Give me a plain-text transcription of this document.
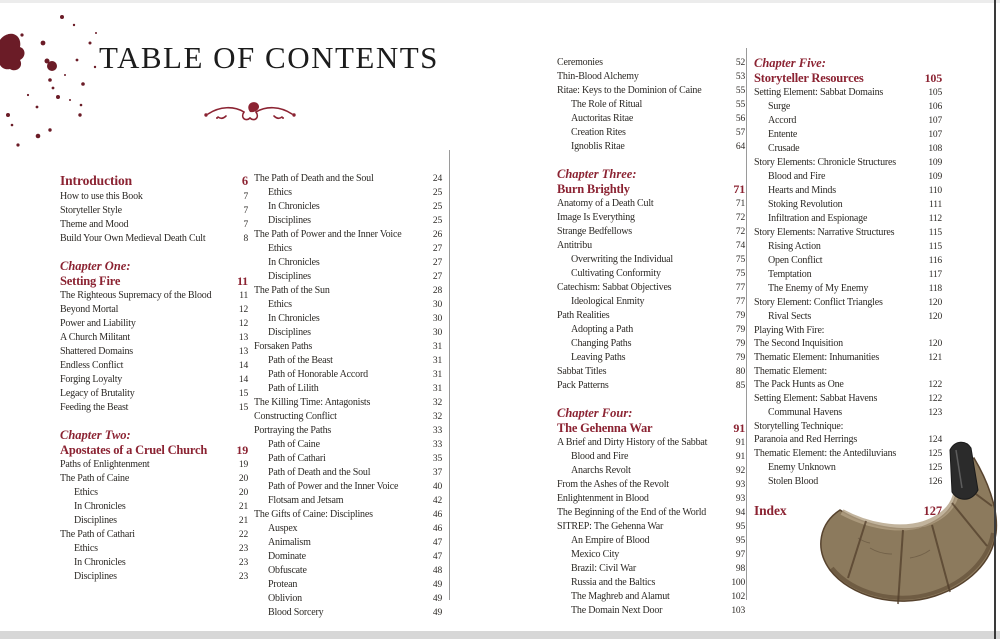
TABLE OF CONTENTS
Introduction	6
How to use this Book	7
Storyteller Style	7
Theme and Mood	7
Build Your Own Medieval Death Cult	8
Chapter One:
Setting Fire	11
The Righteous Supremacy of the Blood	11
Beyond Mortal	12
Power and Liability	12
A Church Militant	13
Shattered Domains	13
Endless Conflict	14
Forging Loyalty	14
Legacy of Brutality	15
Feeding the Beast	15
Chapter Two:
Apostates of a Cruel Church 19
Paths of Enlightenment	19
The Path of Caine	20
Ethics	20
In Chronicles	21
Disciplines	21
The Path of Cathari	22
Ethics	23
In Chronicles	23
Disciplines	23
The Path of Death and the Soul	24
Ethics	25
In Chronicles	25
Disciplines	25
The Path of Power and the Inner Voice	26
Ethics	27
In Chronicles	27
Disciplines	27
The Path of the Sun	28
Ethics	30
In Chronicles	30
Disciplines	30
Forsaken Paths	31
Path of the Beast	31
Path of Honorable Accord	31
Path of Lilith	31
The Killing Time: Antagonists	32
Constructing Conflict	32
Portraying the Paths	33
Path of Caine	33
Path of Cathari	35
Path of Death and the Soul	37
Path of Power and the Inner Voice	40
Flotsam and Jetsam	42
The Gifts of Caine: Disciplines	46
Auspex	46
Animalism	47
Dominate	47
Obfuscate	48
Protean	49
Oblivion	49
Blood Sorcery	49
Ceremonies	52
Thin-Blood Alchemy	53
Ritae: Keys to the Dominion of Caine	55
The Role of Ritual	55
Auctoritas Ritae	56
Creation Rites	57
Ignoblis Ritae	64
Chapter Three:
Burn Brightly	71
Anatomy of a Death Cult	71
Image Is Everything	72
Strange Bedfellows	72
Antitribu	74
Overwriting the Individual	75
Cultivating Conformity	75
Catechism: Sabbat Objectives	77
Ideological Enmity	77
Path Realities	79
Adopting a Path	79
Changing Paths	79
Leaving Paths	79
Sabbat Titles	80
Pack Patterns	85
Chapter Four:
The Gehenna War	91
A Brief and Dirty History of the Sabbat	91
Blood and Fire	91
Anarchs Revolt	92
From the Ashes of the Revolt	93
Enlightenment in Blood	93
The Beginning of the End of the World	94
SITREP: The Gehenna War	95
An Empire of Blood	95
Mexico City	97
Brazil: Civil War	98
Russia and the Baltics	100
The Maghreb and Alamut	102
The Domain Next Door	103
Chapter Five:
Storyteller Resources	105
Setting Element: Sabbat Domains	105
Surge	106
Accord	107
Entente	107
Crusade	108
Story Elements: Chronicle Structures	109
Blood and Fire	109
Hearts and Minds	110
Stoking Revolution	111
Infiltration and Espionage	112
Story Elements: Narrative Structures	115
Rising Action	115
Open Conflict	116
Temptation	117
The Enemy of My Enemy	118
Story Element: Conflict Triangles	120
Rival Sects	120
Playing With Fire:
The Second Inquisition	120
Thematic Element: Inhumanities	121
Thematic Element:
The Pack Hunts as One	122
Setting Element: Sabbat Havens	122
Communal Havens	123
Storytelling Technique:
Paranoia and Red Herrings	124
Thematic Element: the Antediluvians	125
Enemy Unknown	125
Stolen Blood	126
Index	127
